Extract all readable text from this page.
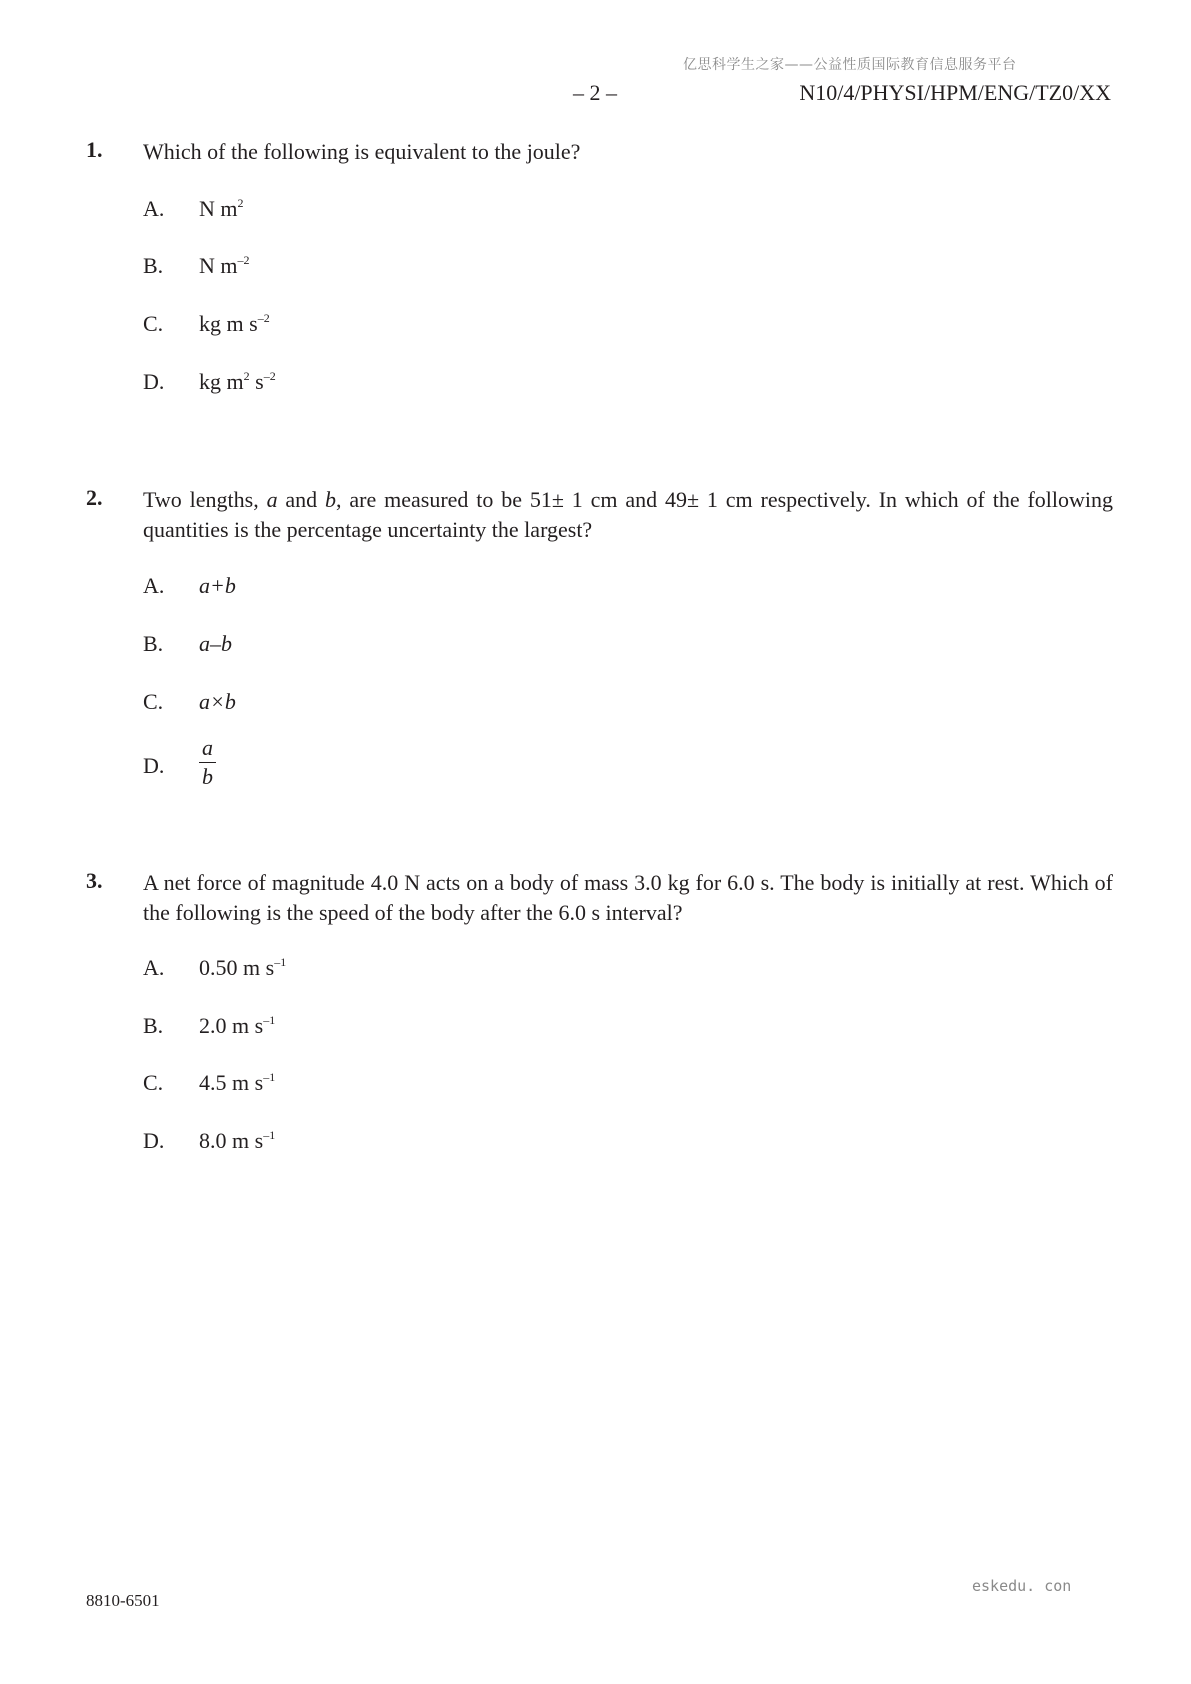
亿思科学生之家——公益性质国际教育信息服务平台
– 2 –	N10/4/PHYSI/HPM/ENG/TZ0/XX
1. Which of the following is equivalent to the joule?
A. N $m^2$
B. N $m^{-2}$
C. kg m $s^{-2}$
D. kg $m^2$ $s^{-2}$
2. Two lengths, a and b, are measured to be 51± 1 cm and 49± 1 cm respectively. In which of the following quantities is the percentage uncertainty the largest?
A. a+b
B. a–b
C. a×b
D. $\frac{a}{b}$
3. A net force of magnitude 4.0 N acts on a body of mass 3.0 kg for 6.0 s. The body is initially at rest. Which of the following is the speed of the body after the 6.0 s interval?
A. 0.50 m $s^{-1}$
B. 2.0 m $s^{-1}$
C. 4.5 m $s^{-1}$
D. 8.0 m $s^{-1}$
eskedu. con
8810-6501
